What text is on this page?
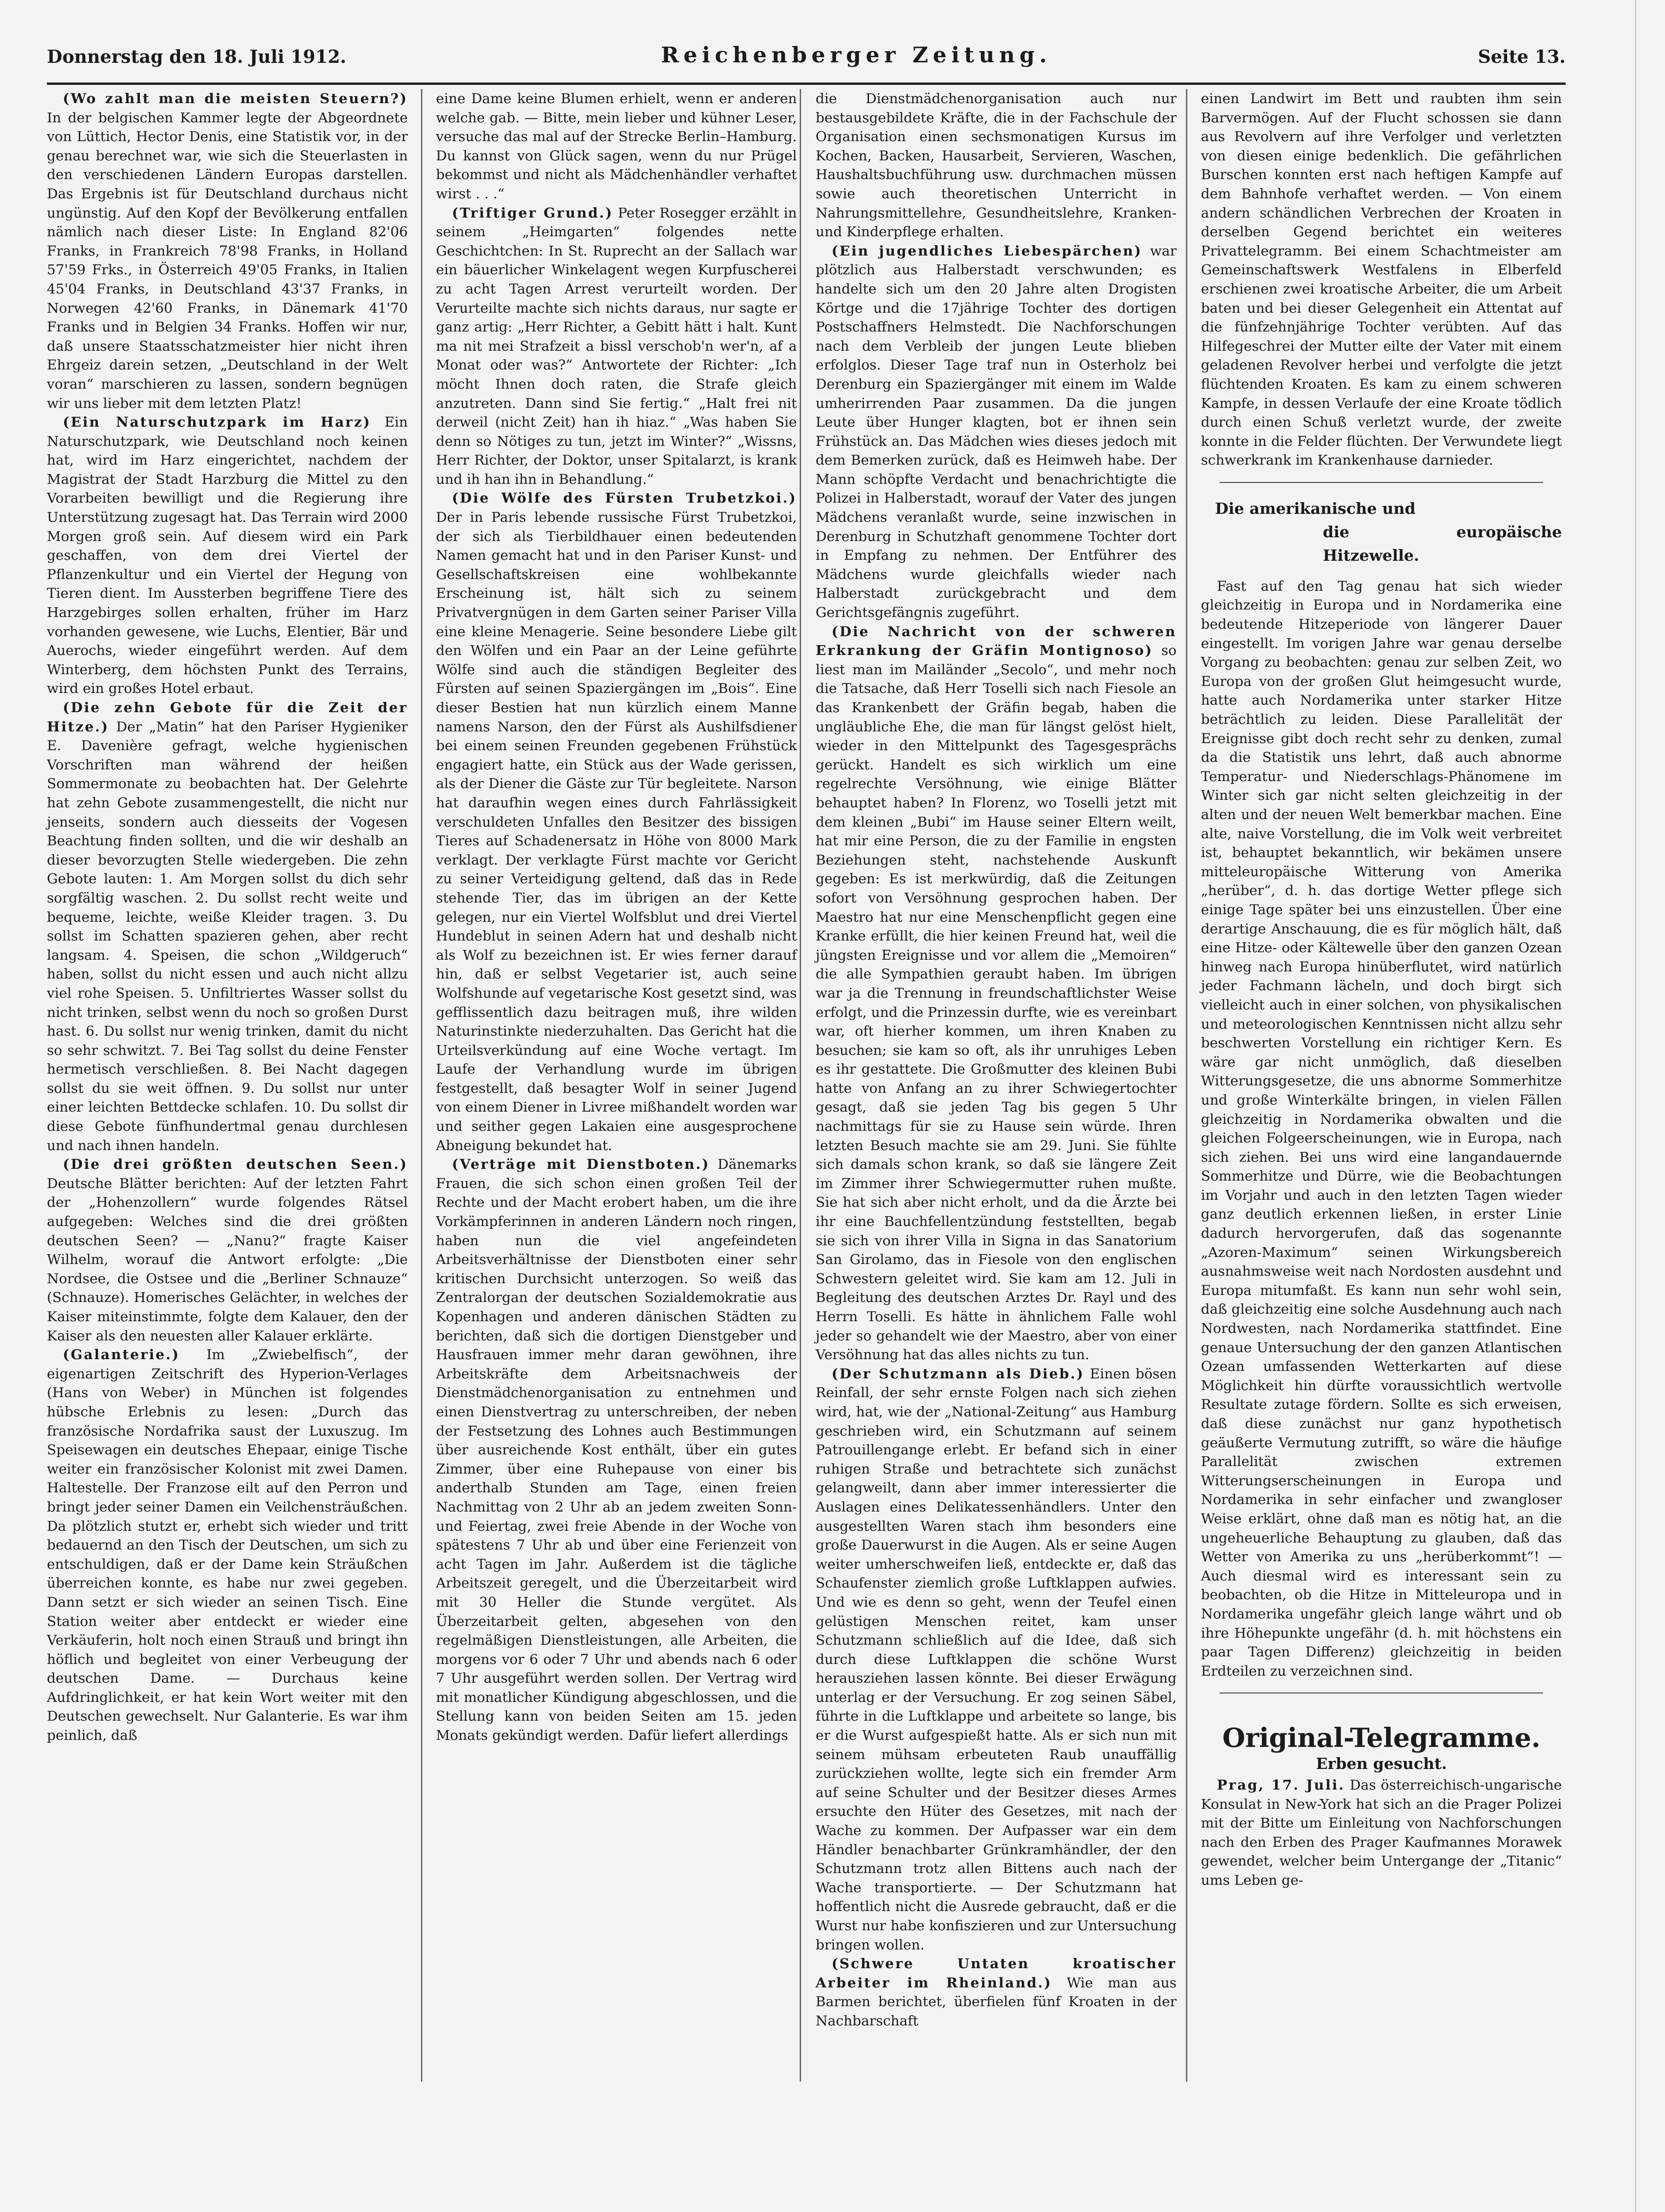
Donnerstag den 18. Juli 1912.	Reichenberger Zeitung.	Seite 13.

(Wo zahlt man die meisten Steuern?) In der belgischen Kammer legte der Abgeordnete von Lüttich, Hector Denis, eine Statistik vor, in der genau berechnet war, wie sich die Steuerlasten in den verschiedenen Ländern Europas darstellen. Das Ergebnis ist für Deutschland durchaus nicht ungünstig. Auf den Kopf der Bevölkerung entfallen nämlich nach dieser Liste: In England 82'06 Franks, in Frankreich 78'98 Franks, in Holland 57'59 Frks., in Österreich 49'05 Franks, in Italien 45'04 Franks, in Deutschland 43'37 Franks, in Norwegen 42'60 Franks, in Dänemark 41'70 Franks und in Belgien 34 Franks. Hoffen wir nur, daß unsere Staatsschatzmeister hier nicht ihren Ehrgeiz darein setzen, „Deutschland in der Welt voran“ marschieren zu lassen, sondern begnügen wir uns lieber mit dem letzten Platz!

(Ein Naturschutzpark im Harz) Ein Naturschutzpark, wie Deutschland noch keinen hat, wird im Harz eingerichtet, nachdem der Magistrat der Stadt Harzburg die Mittel zu den Vorarbeiten bewilligt und die Regierung ihre Unterstützung zugesagt hat. Das Terrain wird 2000 Morgen groß sein. Auf diesem wird ein Park geschaffen, von dem drei Viertel der Pflanzenkultur und ein Viertel der Hegung von Tieren dient. Im Aussterben begriffene Tiere des Harzgebirges sollen erhalten, früher im Harz vorhanden gewesene, wie Luchs, Elentier, Bär und Auerochs, wieder eingeführt werden. Auf dem Winterberg, dem höchsten Punkt des Terrains, wird ein großes Hotel erbaut.

(Die zehn Gebote für die Zeit der Hitze.) Der „Matin“ hat den Pariser Hygieniker E. Davenière gefragt, welche hygienischen Vorschriften man während der heißen Sommermonate zu beobachten hat. Der Gelehrte hat zehn Gebote zusammengestellt, die nicht nur jenseits, sondern auch diesseits der Vogesen Beachtung finden sollten, und die wir deshalb an dieser bevorzugten Stelle wiedergeben. Die zehn Gebote lauten: 1. Am Morgen sollst du dich sehr sorgfältig waschen. 2. Du sollst recht weite und bequeme, leichte, weiße Kleider tragen. 3. Du sollst im Schatten spazieren gehen, aber recht langsam. 4. Speisen, die schon „Wildgeruch“ haben, sollst du nicht essen und auch nicht allzu viel rohe Speisen. 5. Unfiltriertes Wasser sollst du nicht trinken, selbst wenn du noch so großen Durst hast. 6. Du sollst nur wenig trinken, damit du nicht so sehr schwitzt. 7. Bei Tag sollst du deine Fenster hermetisch verschließen. 8. Bei Nacht dagegen sollst du sie weit öffnen. 9. Du sollst nur unter einer leichten Bettdecke schlafen. 10. Du sollst dir diese Gebote fünfhundertmal genau durchlesen und nach ihnen handeln.

(Die drei größten deutschen Seen.) Deutsche Blätter berichten: Auf der letzten Fahrt der „Hohenzollern“ wurde folgendes Rätsel aufgegeben: Welches sind die drei größten deutschen Seen? — „Nanu?“ fragte Kaiser Wilhelm, worauf die Antwort erfolgte: „Die Nordsee, die Ostsee und die „Berliner Schnauze“ (Schnauze). Homerisches Gelächter, in welches der Kaiser miteinstimmte, folgte dem Kalauer, den der Kaiser als den neuesten aller Kalauer erklärte.

(Galanterie.) Im „Zwiebelfisch“, der eigenartigen Zeitschrift des Hyperion-Verlages (Hans von Weber) in München ist folgendes hübsche Erlebnis zu lesen: „Durch das französische Nordafrika saust der Luxuszug. Im Speisewagen ein deutsches Ehepaar, einige Tische weiter ein französischer Kolonist mit zwei Damen. Haltestelle. Der Franzose eilt auf den Perron und bringt jeder seiner Damen ein Veilchensträußchen. Da plötzlich stutzt er, erhebt sich wieder und tritt bedauernd an den Tisch der Deutschen, um sich zu entschuldigen, daß er der Dame kein Sträußchen überreichen konnte, es habe nur zwei gegeben. Dann setzt er sich wieder an seinen Tisch. Eine Station weiter aber entdeckt er wieder eine Verkäuferin, holt noch einen Strauß und bringt ihn höflich und begleitet von einer Verbeugung der deutschen Dame. — Durchaus keine Aufdringlichkeit, er hat kein Wort weiter mit den Deutschen gewechselt. Nur Galanterie. Es war ihm peinlich, daß

eine Dame keine Blumen erhielt, wenn er anderen welche gab. — Bitte, mein lieber und kühner Leser, versuche das mal auf der Strecke Berlin–Hamburg. Du kannst von Glück sagen, wenn du nur Prügel bekommst und nicht als Mädchenhändler verhaftet wirst . . .“

(Triftiger Grund.) Peter Rosegger erzählt in seinem „Heimgarten“ folgendes nette Geschichtchen: In St. Ruprecht an der Sallach war ein bäuerlicher Winkelagent wegen Kurpfuscherei zu acht Tagen Arrest verurteilt worden. Der Verurteilte machte sich nichts daraus, nur sagte er ganz artig: „Herr Richter, a Gebitt hätt i halt. Kunt ma nit mei Strafzeit a bissl verschob'n wer'n, af a Monat oder was?“ Antwortete der Richter: „Ich möcht Ihnen doch raten, die Strafe gleich anzutreten. Dann sind Sie fertig.“ „Halt frei nit derweil (nicht Zeit) han ih hiaz.“ „Was haben Sie denn so Nötiges zu tun, jetzt im Winter?“ „Wissns, Herr Richter, der Doktor, unser Spitalarzt, is krank und ih han ihn in Behandlung.“

(Die Wölfe des Fürsten Trubetzkoi.) Der in Paris lebende russische Fürst Trubetzkoi, der sich als Tierbildhauer einen bedeutenden Namen gemacht hat und in den Pariser Kunst- und Gesellschaftskreisen eine wohlbekannte Erscheinung ist, hält sich zu seinem Privatvergnügen in dem Garten seiner Pariser Villa eine kleine Menagerie. Seine besondere Liebe gilt den Wölfen und ein Paar an der Leine geführte Wölfe sind auch die ständigen Begleiter des Fürsten auf seinen Spaziergängen im „Bois“. Eine dieser Bestien hat nun kürzlich einem Manne namens Narson, den der Fürst als Aushilfsdiener bei einem seinen Freunden gegebenen Frühstück engagiert hatte, ein Stück aus der Wade gerissen, als der Diener die Gäste zur Tür begleitete. Narson hat daraufhin wegen eines durch Fahrlässigkeit verschuldeten Unfalles den Besitzer des bissigen Tieres auf Schadenersatz in Höhe von 8000 Mark verklagt. Der verklagte Fürst machte vor Gericht zu seiner Verteidigung geltend, daß das in Rede stehende Tier, das im übrigen an der Kette gelegen, nur ein Viertel Wolfsblut und drei Viertel Hundeblut in seinen Adern hat und deshalb nicht als Wolf zu bezeichnen ist. Er wies ferner darauf hin, daß er selbst Vegetarier ist, auch seine Wolfshunde auf vegetarische Kost gesetzt sind, was gefflissentlich dazu beitragen muß, ihre wilden Naturinstinkte niederzuhalten. Das Gericht hat die Urteilsverkündung auf eine Woche vertagt. Im Laufe der Verhandlung wurde im übrigen festgestellt, daß besagter Wolf in seiner Jugend von einem Diener in Livree mißhandelt worden war und seither gegen Lakaien eine ausgesprochene Abneigung bekundet hat.

(Verträge mit Dienstboten.) Dänemarks Frauen, die sich schon einen großen Teil der Rechte und der Macht erobert haben, um die ihre Vorkämpferinnen in anderen Ländern noch ringen, haben nun die viel angefeindeten Arbeitsverhältnisse der Dienstboten einer sehr kritischen Durchsicht unterzogen. So weiß das Zentralorgan der deutschen Sozialdemokratie aus Kopenhagen und anderen dänischen Städten zu berichten, daß sich die dortigen Dienstgeber und Hausfrauen immer mehr daran gewöhnen, ihre Arbeitskräfte dem Arbeitsnachweis der Dienstmädchenorganisation zu entnehmen und einen Dienstvertrag zu unterschreiben, der neben der Festsetzung des Lohnes auch Bestimmungen über ausreichende Kost enthält, über ein gutes Zimmer, über eine Ruhepause von einer bis anderthalb Stunden am Tage, einen freien Nachmittag von 2 Uhr ab an jedem zweiten Sonn- und Feiertag, zwei freie Abende in der Woche von spätestens 7 Uhr ab und über eine Ferienzeit von acht Tagen im Jahr. Außerdem ist die tägliche Arbeitszeit geregelt, und die Überzeitarbeit wird mit 30 Heller die Stunde vergütet. Als Überzeitarbeit gelten, abgesehen von den regelmäßigen Dienstleistungen, alle Arbeiten, die morgens vor 6 oder 7 Uhr und abends nach 6 oder 7 Uhr ausgeführt werden sollen. Der Vertrag wird mit monatlicher Kündigung abgeschlossen, und die Stellung kann von beiden Seiten am 15. jeden Monats gekündigt werden. Dafür liefert allerdings

die Dienstmädchenorganisation auch nur bestausgebildete Kräfte, die in der Fachschule der Organisation einen sechsmonatigen Kursus im Kochen, Backen, Hausarbeit, Servieren, Waschen, Haushaltsbuchführung usw. durchmachen müssen sowie auch theoretischen Unterricht in Nahrungsmittellehre, Gesundheitslehre, Kranken- und Kinderpflege erhalten.

(Ein jugendliches Liebespärchen) war plötzlich aus Halberstadt verschwunden; es handelte sich um den 20 Jahre alten Drogisten Körtge und die 17jährige Tochter des dortigen Postschaffners Helmstedt. Die Nachforschungen nach dem Verbleib der jungen Leute blieben erfolglos. Dieser Tage traf nun in Osterholz bei Derenburg ein Spaziergänger mit einem im Walde umherirrenden Paar zusammen. Da die jungen Leute über Hunger klagten, bot er ihnen sein Frühstück an. Das Mädchen wies dieses jedoch mit dem Bemerken zurück, daß es Heimweh habe. Der Mann schöpfte Verdacht und benachrichtigte die Polizei in Halberstadt, worauf der Vater des jungen Mädchens veranlaßt wurde, seine inzwischen in Derenburg in Schutzhaft genommene Tochter dort in Empfang zu nehmen. Der Entführer des Mädchens wurde gleichfalls wieder nach Halberstadt zurückgebracht und dem Gerichtsgefängnis zugeführt.

(Die Nachricht von der schweren Erkrankung der Gräfin Montignoso) so liest man im Mailänder „Secolo“, und mehr noch die Tatsache, daß Herr Toselli sich nach Fiesole an das Krankenbett der Gräfin begab, haben die ungläubliche Ehe, die man für längst gelöst hielt, wieder in den Mittelpunkt des Tagesgesprächs gerückt. Handelt es sich wirklich um eine regelrechte Versöhnung, wie einige Blätter behauptet haben? In Florenz, wo Toselli jetzt mit dem kleinen „Bubi“ im Hause seiner Eltern weilt, hat mir eine Person, die zu der Familie in engsten Beziehungen steht, nachstehende Auskunft gegeben: Es ist merkwürdig, daß die Zeitungen sofort von Versöhnung gesprochen haben. Der Maestro hat nur eine Menschenpflicht gegen eine Kranke erfüllt, die hier keinen Freund hat, weil die jüngsten Ereignisse und vor allem die „Memoiren“ die alle Sympathien geraubt haben. Im übrigen war ja die Trennung in freundschaftlichster Weise erfolgt, und die Prinzessin durfte, wie es vereinbart war, oft hierher kommen, um ihren Knaben zu besuchen; sie kam so oft, als ihr unruhiges Leben es ihr gestattete. Die Großmutter des kleinen Bubi hatte von Anfang an zu ihrer Schwiegertochter gesagt, daß sie jeden Tag bis gegen 5 Uhr nachmittags für sie zu Hause sein würde. Ihren letzten Besuch machte sie am 29. Juni. Sie fühlte sich damals schon krank, so daß sie längere Zeit im Zimmer ihrer Schwiegermutter ruhen mußte. Sie hat sich aber nicht erholt, und da die Ärzte bei ihr eine Bauchfellentzündung feststellten, begab sie sich von ihrer Villa in Signa in das Sanatorium San Girolamo, das in Fiesole von den englischen Schwestern geleitet wird. Sie kam am 12. Juli in Begleitung des deutschen Arztes Dr. Rayl und des Herrn Toselli. Es hätte in ähnlichem Falle wohl jeder so gehandelt wie der Maestro, aber von einer Versöhnung hat das alles nichts zu tun.

(Der Schutzmann als Dieb.) Einen bösen Reinfall, der sehr ernste Folgen nach sich ziehen wird, hat, wie der „National-Zeitung“ aus Hamburg geschrieben wird, ein Schutzmann auf seinem Patrouillengange erlebt. Er befand sich in einer ruhigen Straße und betrachtete sich zunächst gelangweilt, dann aber immer interessierter die Auslagen eines Delikatessenhändlers. Unter den ausgestellten Waren stach ihm besonders eine große Dauerwurst in die Augen. Als er seine Augen weiter umherschweifen ließ, entdeckte er, daß das Schaufenster ziemlich große Luftklappen aufwies. Und wie es denn so geht, wenn der Teufel einen gelüstigen Menschen reitet, kam unser Schutzmann schließlich auf die Idee, daß sich durch diese Luftklappen die schöne Wurst herausziehen lassen könnte. Bei dieser Erwägung unterlag er der Versuchung. Er zog seinen Säbel, führte in die Luftklappe und arbeitete so lange, bis er die Wurst aufgespießt hatte. Als er sich nun mit seinem mühsam erbeuteten Raub unauffällig zurückziehen wollte, legte sich ein fremder Arm auf seine Schulter und der Besitzer dieses Armes ersuchte den Hüter des Gesetzes, mit nach der Wache zu kommen. Der Aufpasser war ein dem Händler benachbarter Grünkramhändler, der den Schutzmann trotz allen Bittens auch nach der Wache transportierte. — Der Schutzmann hat hoffentlich nicht die Ausrede gebraucht, daß er die Wurst nur habe konfiszieren und zur Untersuchung bringen wollen.

(Schwere Untaten kroatischer Arbeiter im Rheinland.) Wie man aus Barmen berichtet, überfielen fünf Kroaten in der Nachbarschaft

einen Landwirt im Bett und raubten ihm sein Barvermögen. Auf der Flucht schossen sie dann aus Revolvern auf ihre Verfolger und verletzten von diesen einige bedenklich. Die gefährlichen Burschen konnten erst nach heftigen Kampfe auf dem Bahnhofe verhaftet werden. — Von einem andern schändlichen Verbrechen der Kroaten in derselben Gegend berichtet ein weiteres Privattelegramm. Bei einem Schachtmeister am Gemeinschaftswerk Westfalens in Elberfeld erschienen zwei kroatische Arbeiter, die um Arbeit baten und bei dieser Gelegenheit ein Attentat auf die fünfzehnjährige Tochter verübten. Auf das Hilfegeschrei der Mutter eilte der Vater mit einem geladenen Revolver herbei und verfolgte die jetzt flüchtenden Kroaten. Es kam zu einem schweren Kampfe, in dessen Verlaufe der eine Kroate tödlich durch einen Schuß verletzt wurde, der zweite konnte in die Felder flüchten. Der Verwundete liegt schwerkrank im Krankenhause darnieder.

Die amerikanische und
die europäische Hitzewelle.

Fast auf den Tag genau hat sich wieder gleichzeitig in Europa und in Nordamerika eine bedeutende Hitzeperiode von längerer Dauer eingestellt. Im vorigen Jahre war genau derselbe Vorgang zu beobachten: genau zur selben Zeit, wo Europa von der großen Glut heimgesucht wurde, hatte auch Nordamerika unter starker Hitze beträchtlich zu leiden. Diese Parallelität der Ereignisse gibt doch recht sehr zu denken, zumal da die Statistik uns lehrt, daß auch abnorme Temperatur- und Niederschlags-Phänomene im Winter sich gar nicht selten gleichzeitig in der alten und der neuen Welt bemerkbar machen. Eine alte, naive Vorstellung, die im Volk weit verbreitet ist, behauptet bekanntlich, wir bekämen unsere mitteleuropäische Witterung von Amerika „herüber“, d. h. das dortige Wetter pflege sich einige Tage später bei uns einzustellen. Über eine derartige Anschauung, die es für möglich hält, daß eine Hitze- oder Kältewelle über den ganzen Ozean hinweg nach Europa hinüberflutet, wird natürlich jeder Fachmann lächeln, und doch birgt sich vielleicht auch in einer solchen, von physikalischen und meteorologischen Kenntnissen nicht allzu sehr beschwerten Vorstellung ein richtiger Kern. Es wäre gar nicht unmöglich, daß dieselben Witterungsgesetze, die uns abnorme Sommerhitze und große Winterkälte bringen, in vielen Fällen gleichzeitig in Nordamerika obwalten und die gleichen Folgeerscheinungen, wie in Europa, nach sich ziehen. Bei uns wird eine langandauernde Sommerhitze und Dürre, wie die Beobachtungen im Vorjahr und auch in den letzten Tagen wieder ganz deutlich erkennen ließen, in erster Linie dadurch hervorgerufen, daß das sogenannte „Azoren-Maximum“ seinen Wirkungsbereich ausnahmsweise weit nach Nordosten ausdehnt und Europa mitumfaßt. Es kann nun sehr wohl sein, daß gleichzeitig eine solche Ausdehnung auch nach Nordwesten, nach Nordamerika stattfindet. Eine genaue Untersuchung der den ganzen Atlantischen Ozean umfassenden Wetterkarten auf diese Möglichkeit hin dürfte voraussichtlich wertvolle Resultate zutage fördern. Sollte es sich erweisen, daß diese zunächst nur ganz hypothetisch geäußerte Vermutung zutrifft, so wäre die häufige Parallelität zwischen extremen Witterungserscheinungen in Europa und Nordamerika in sehr einfacher und zwangloser Weise erklärt, ohne daß man es nötig hat, an die ungeheuerliche Behauptung zu glauben, daß das Wetter von Amerika zu uns „herüberkommt“! — Auch diesmal wird es interessant sein zu beobachten, ob die Hitze in Mitteleuropa und in Nordamerika ungefähr gleich lange währt und ob ihre Höhepunkte ungefähr (d. h. mit höchstens ein paar Tagen Differenz) gleichzeitig in beiden Erdteilen zu verzeichnen sind.

Original-Telegramme.
Erben gesucht.

Prag, 17. Juli. Das österreichisch-ungarische Konsulat in New-York hat sich an die Prager Polizei mit der Bitte um Einleitung von Nachforschungen nach den Erben des Prager Kaufmannes Morawek gewendet, welcher beim Untergange der „Titanic“ ums Leben ge-
